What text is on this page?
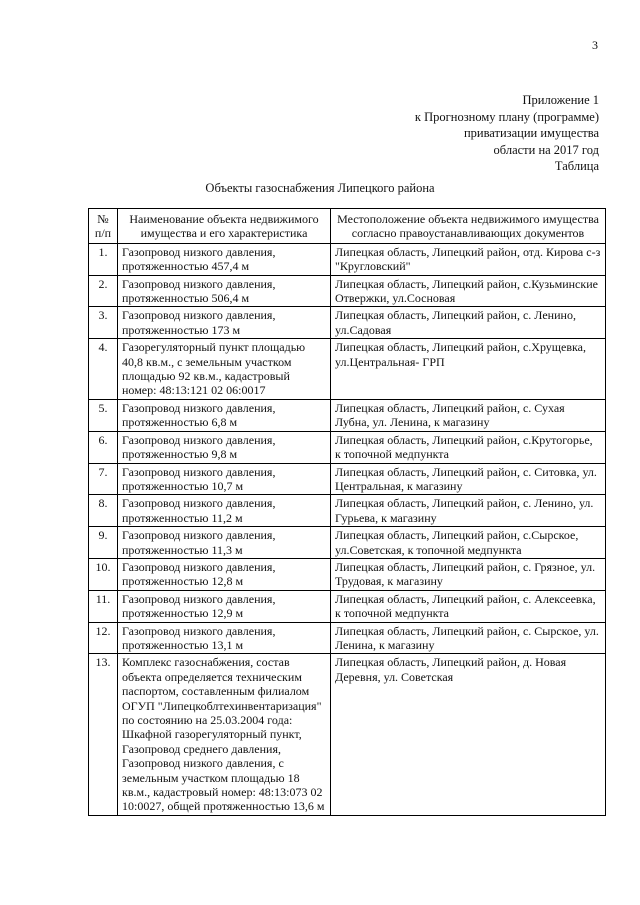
3
Приложение 1
к Прогнозному плану (программе)
приватизации имущества
области на 2017 год
Таблица
Объекты газоснабжения Липецкого района
№ п/п	Наименование объекта недвижимого имущества и его характеристика	Местоположение объекта недвижимого имущества согласно правоустанавливающих документов
1.	Газопровод низкого давления, протяженностью 457,4 м	Липецкая область, Липецкий район, отд. Кирова с-з "Кругловский"
2.	Газопровод низкого давления, протяженностью 506,4 м	Липецкая область, Липецкий район, с.Кузьминские Отвержки, ул.Сосновая
3.	Газопровод низкого давления, протяженностью 173 м	Липецкая область, Липецкий район, с. Ленино, ул.Садовая
4.	Газорегуляторный пункт площадью 40,8 кв.м., с земельным участком площадью 92 кв.м., кадастровый номер: 48:13:121 02 06:0017	Липецкая область, Липецкий район, с.Хрущевка, ул.Центральная- ГРП
5.	Газопровод низкого давления, протяженностью 6,8 м	Липецкая область, Липецкий район, с. Сухая Лубна, ул. Ленина, к магазину
6.	Газопровод низкого давления, протяженностью 9,8 м	Липецкая область, Липецкий район, с.Крутогорье, к топочной медпункта
7.	Газопровод низкого давления, протяженностью 10,7 м	Липецкая область, Липецкий район, с. Ситовка, ул. Центральная, к магазину
8.	Газопровод низкого давления, протяженностью 11,2 м	Липецкая область, Липецкий район, с. Ленино, ул. Гурьева, к магазину
9.	Газопровод низкого давления, протяженностью 11,3 м	Липецкая область, Липецкий район, с.Сырское, ул.Советская, к топочной медпункта
10.	Газопровод низкого давления, протяженностью 12,8 м	Липецкая область, Липецкий район, с. Грязное, ул. Трудовая, к магазину
11.	Газопровод низкого давления, протяженностью 12,9 м	Липецкая область, Липецкий район, с. Алексеевка, к топочной медпункта
12.	Газопровод низкого давления, протяженностью 13,1 м	Липецкая область, Липецкий район, с. Сырское, ул. Ленина, к магазину
13.	Комплекс газоснабжения, состав объекта определяется техническим паспортом, составленным филиалом ОГУП "Липецкоблтехинвентаризация" по состоянию на 25.03.2004 года: Шкафной газорегуляторный пункт, Газопровод среднего давления, Газопровод низкого давления, с земельным участком площадью 18 кв.м., кадастровый номер: 48:13:073 02 10:0027, общей протяженностью 13,6 м	Липецкая область, Липецкий район, д. Новая Деревня, ул. Советская
